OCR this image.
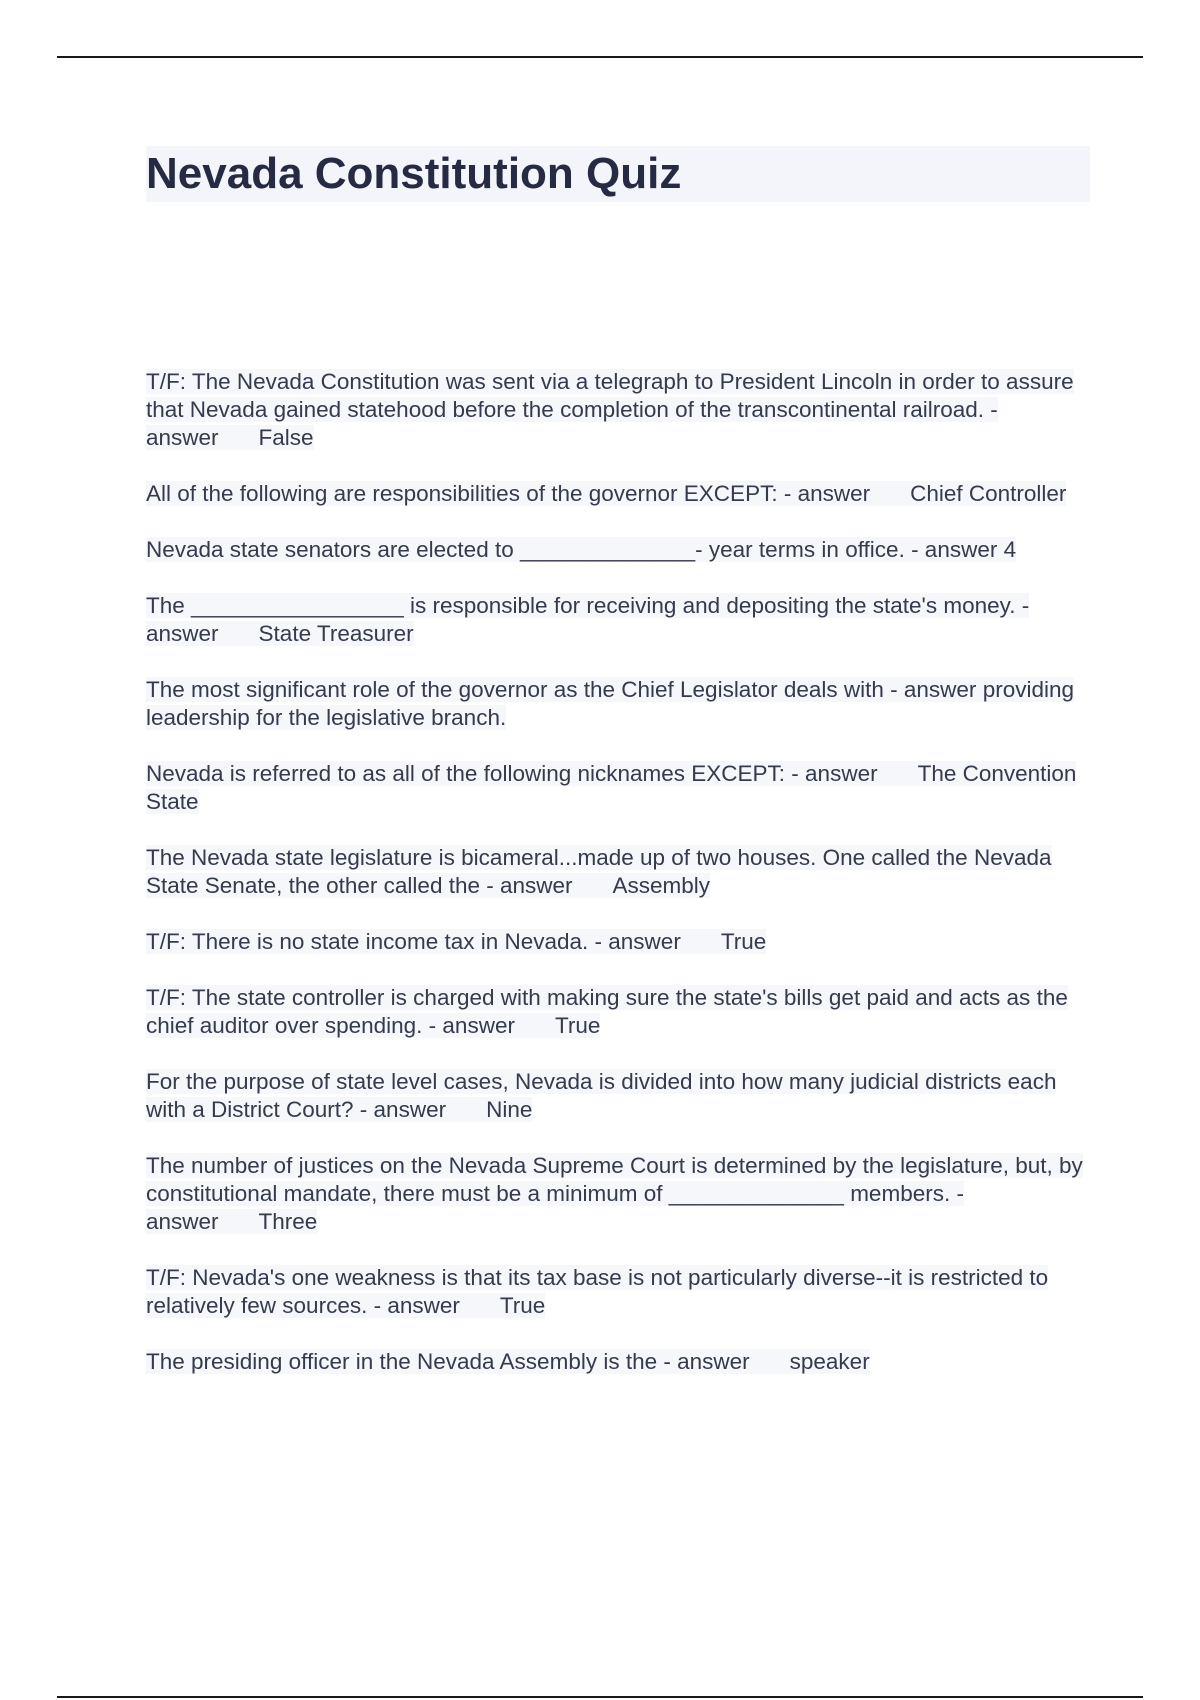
Nevada Constitution Quiz

T/F: The Nevada Constitution was sent via a telegraph to President Lincoln in order to assure that Nevada gained statehood before the completion of the transcontinental railroad. - answer False

All of the following are responsibilities of the governor EXCEPT: - answer Chief Controller

Nevada state senators are elected to ______________- year terms in office. - answer 4

The _________________ is responsible for receiving and depositing the state's money. - answer State Treasurer

The most significant role of the governor as the Chief Legislator deals with - answer providing leadership for the legislative branch.

Nevada is referred to as all of the following nicknames EXCEPT: - answer The Convention State

The Nevada state legislature is bicameral...made up of two houses. One called the Nevada State Senate, the other called the - answer Assembly

T/F: There is no state income tax in Nevada. - answer True

T/F: The state controller is charged with making sure the state's bills get paid and acts as the chief auditor over spending. - answer True

For the purpose of state level cases, Nevada is divided into how many judicial districts each with a District Court? - answer Nine

The number of justices on the Nevada Supreme Court is determined by the legislature, but, by constitutional mandate, there must be a minimum of ______________ members. - answer Three

T/F: Nevada's one weakness is that its tax base is not particularly diverse--it is restricted to relatively few sources. - answer True

The presiding officer in the Nevada Assembly is the - answer speaker
